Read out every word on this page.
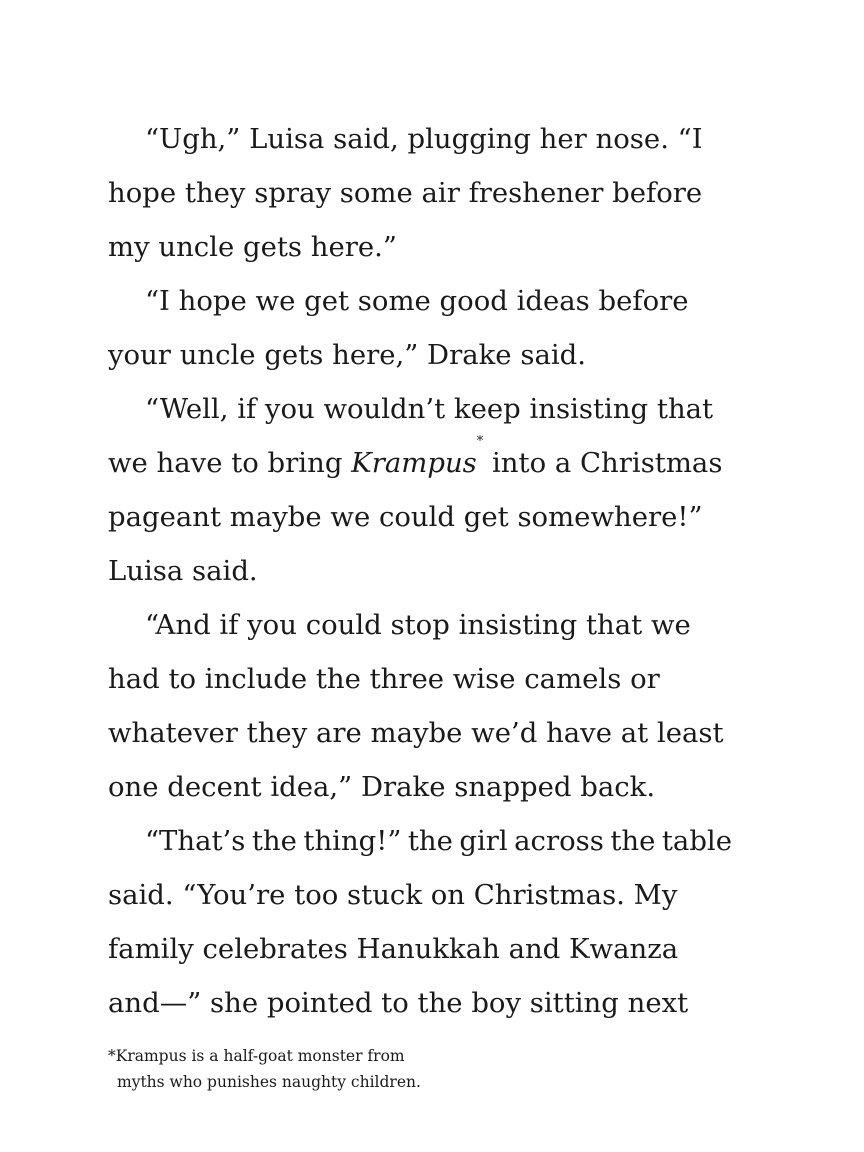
“Ugh,” Luisa said, plugging her nose. “I
hope they spray some air freshener before
my uncle gets here.”
“I hope we get some good ideas before
your uncle gets here,” Drake said.
“Well, if you wouldn’t keep insisting that
we have to bring Krampus* into a Christmas
pageant maybe we could get somewhere!”
Luisa said.
“And if you could stop insisting that we
had to include the three wise camels or
whatever they are maybe we’d have at least
one decent idea,” Drake snapped back.
“That’s the thing!” the girl across the table
said. “You’re too stuck on Christmas. My
family celebrates Hanukkah and Kwanza
and—” she pointed to the boy sitting next
*Krampus is a half-goat monster from
myths who punishes naughty children.
